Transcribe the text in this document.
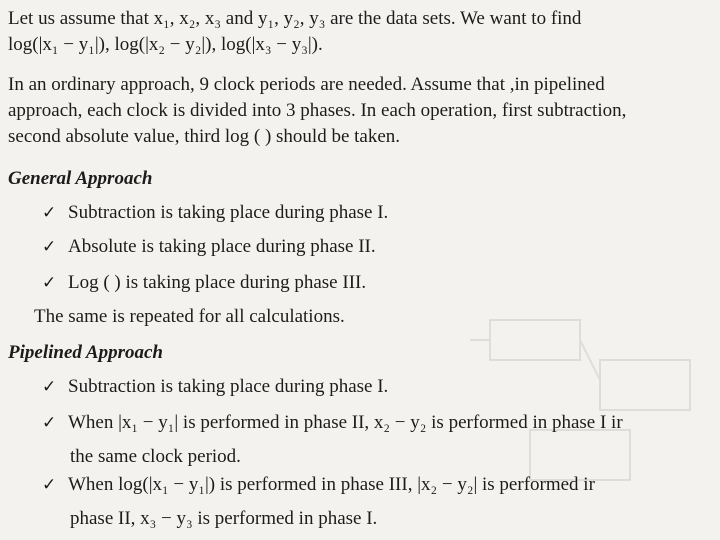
Let us assume that x₁, x₂, x₃ and y₁, y₂, y₃ are the data sets. We want to find
log(|x₁ − y₁|), log(|x₂ − y₂|), log(|x₃ − y₃|).

In an ordinary approach, 9 clock periods are needed. Assume that ,in pipelined
approach, each clock is divided into 3 phases. In each operation, first subtraction,
second absolute value, third log ( ) should be taken.

General Approach
✓ Subtraction is taking place during phase I.
✓ Absolute is taking place during phase II.
✓ Log ( ) is taking place during phase III.
The same is repeated for all calculations.
Pipelined Approach
✓ Subtraction is taking place during phase I.
✓ When |x₁ − y₁| is performed in phase II, x₂ − y₂ is performed in phase I ir
the same clock period.
✓ When log(|x₁ − y₁|) is performed in phase III, |x₂ − y₂| is performed ir
phase II, x₃ − y₃ is performed in phase I.
